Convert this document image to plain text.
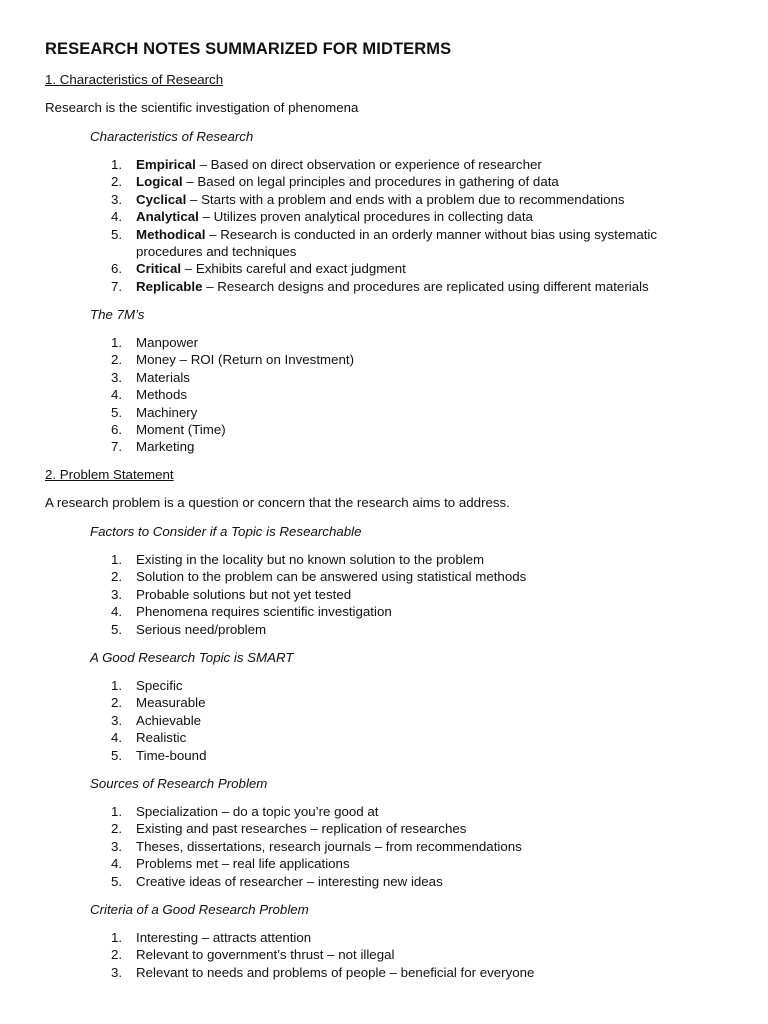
RESEARCH NOTES SUMMARIZED FOR MIDTERMS

1. Characteristics of Research

Research is the scientific investigation of phenomena

Characteristics of Research

1.	Empirical – Based on direct observation or experience of researcher
2.	Logical – Based on legal principles and procedures in gathering of data
3.	Cyclical – Starts with a problem and ends with a problem due to recommendations
4.	Analytical – Utilizes proven analytical procedures in collecting data
5.	Methodical – Research is conducted in an orderly manner without bias using systematic procedures and techniques
6.	Critical – Exhibits careful and exact judgment
7.	Replicable – Research designs and procedures are replicated using different materials

The 7M’s

1.	Manpower
2.	Money – ROI (Return on Investment)
3.	Materials
4.	Methods
5.	Machinery
6.	Moment (Time)
7.	Marketing

2. Problem Statement

A research problem is a question or concern that the research aims to address.

Factors to Consider if a Topic is Researchable

1.	Existing in the locality but no known solution to the problem
2.	Solution to the problem can be answered using statistical methods
3.	Probable solutions but not yet tested
4.	Phenomena requires scientific investigation
5.	Serious need/problem

A Good Research Topic is SMART

1.	Specific
2.	Measurable
3.	Achievable
4.	Realistic
5.	Time-bound

Sources of Research Problem

1.	Specialization – do a topic you’re good at
2.	Existing and past researches – replication of researches
3.	Theses, dissertations, research journals – from recommendations
4.	Problems met – real life applications
5.	Creative ideas of researcher – interesting new ideas

Criteria of a Good Research Problem

1.	Interesting – attracts attention
2.	Relevant to government’s thrust – not illegal
3.	Relevant to needs and problems of people – beneficial for everyone
